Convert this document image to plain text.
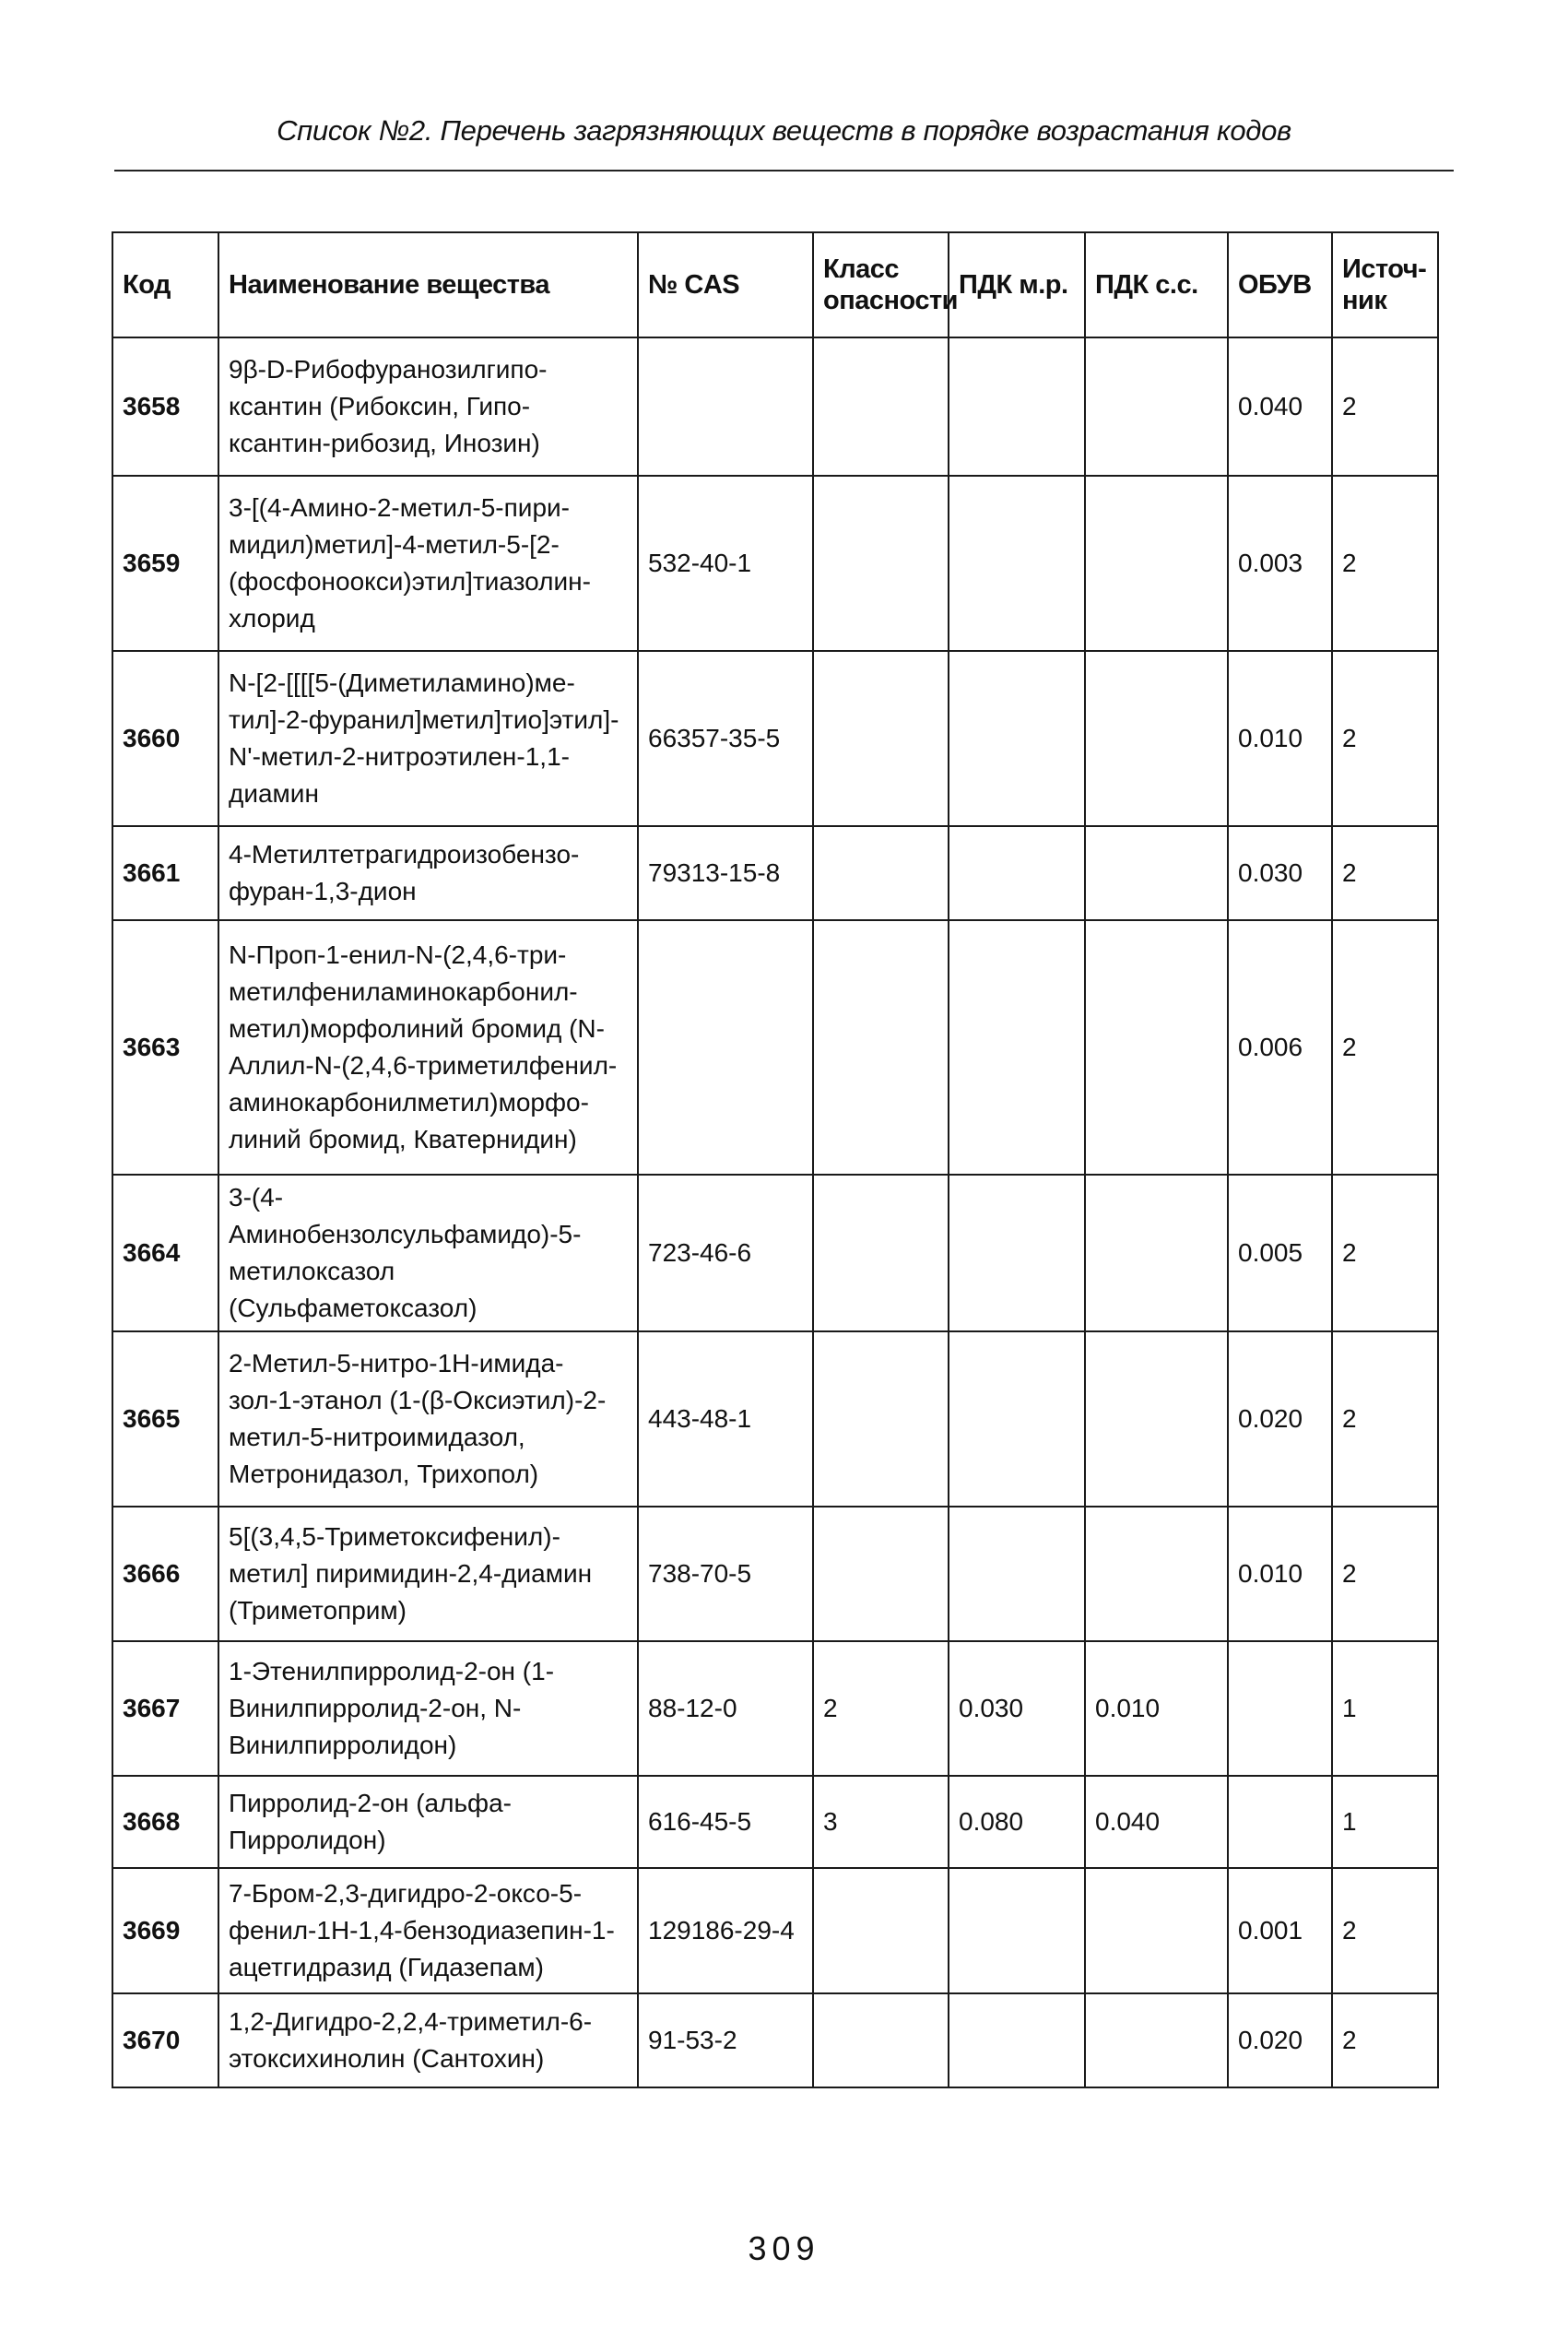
Список №2. Перечень загрязняющих веществ в порядке возрастания кодов
Код	Наименование вещества	№ CAS	Класс опасности	ПДК м.р.	ПДК с.с.	ОБУВ	Источ-ник
3658	9β-D-Рибофуранозилгипо-ксантин (Рибоксин, Гипо-ксантин-рибозид, Инозин)					0.040	2
3659	3-[(4-Амино-2-метил-5-пири-мидил)метил]-4-метил-5-[2-(фосфоноокси)этил]тиазолин-хлорид	532-40-1				0.003	2
3660	N-[2-[[[[5-(Диметиламино)ме-тил]-2-фуранил]метил]тио]этил]-N'-метил-2-нитроэтилен-1,1-диамин	66357-35-5				0.010	2
3661	4-Метилтетрагидроизобензо-фуран-1,3-дион	79313-15-8				0.030	2
3663	N-Проп-1-енил-N-(2,4,6-три-метилфениламинокарбонил-метил)морфолиний бромид (N-Аллил-N-(2,4,6-триметилфенил-аминокарбонилметил)морфо-линий бромид, Кватернидин)					0.006	2
3664	3-(4-Аминобензолсульфамидо)-5-метилоксазол (Сульфаметоксазол)	723-46-6				0.005	2
3665	2-Метил-5-нитро-1H-имида-зол-1-этанол (1-(β-Оксиэтил)-2-метил-5-нитроимидазол, Метронидазол, Трихопол)	443-48-1				0.020	2
3666	5[(3,4,5-Триметоксифенил)-метил] пиримидин-2,4-диамин (Триметоприм)	738-70-5				0.010	2
3667	1-Этенилпирролид-2-он (1-Винилпирролид-2-он, N-Винилпирролидон)	88-12-0	2	0.030	0.010		1
3668	Пирролид-2-он (альфа-Пирролидон)	616-45-5	3	0.080	0.040		1
3669	7-Бром-2,3-дигидро-2-оксо-5-фенил-1H-1,4-бензодиазепин-1-ацетгидразид (Гидазепам)	129186-29-4				0.001	2
3670	1,2-Дигидро-2,2,4-триметил-6-этоксихинолин (Сантохин)	91-53-2				0.020	2
309
